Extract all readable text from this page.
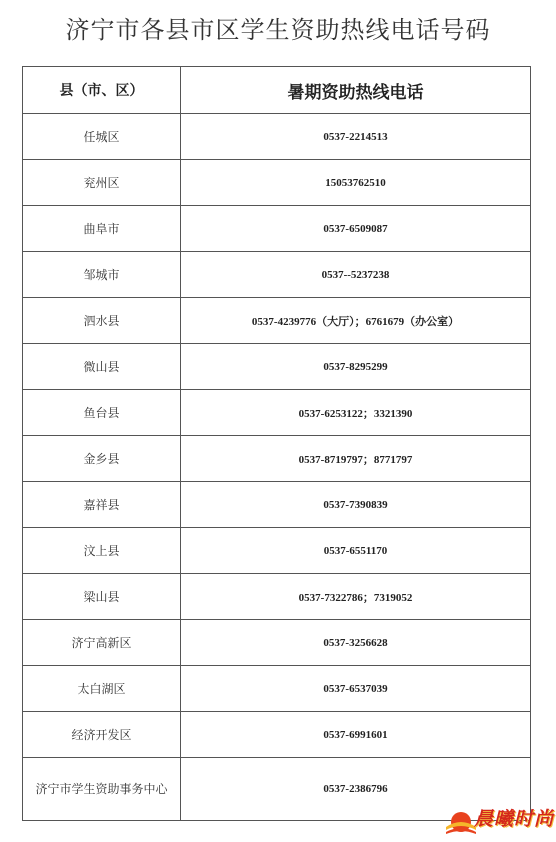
济宁市各县市区学生资助热线电话号码
县（市、区）	暑期资助热线电话
任城区	0537-2214513
兖州区	15053762510
曲阜市	0537-6509087
邹城市	0537--5237238
泗水县	0537-4239776（大厅）；6761679（办公室）
微山县	0537-8295299
鱼台县	0537-6253122；3321390
金乡县	0537-8719797；8771797
嘉祥县	0537-7390839
汶上县	0537-6551170
梁山县	0537-7322786；7319052
济宁高新区	0537-3256628
太白湖区	0537-6537039
经济开发区	0537-6991601
济宁市学生资助事务中心	0537-2386796
晨曦时尚
